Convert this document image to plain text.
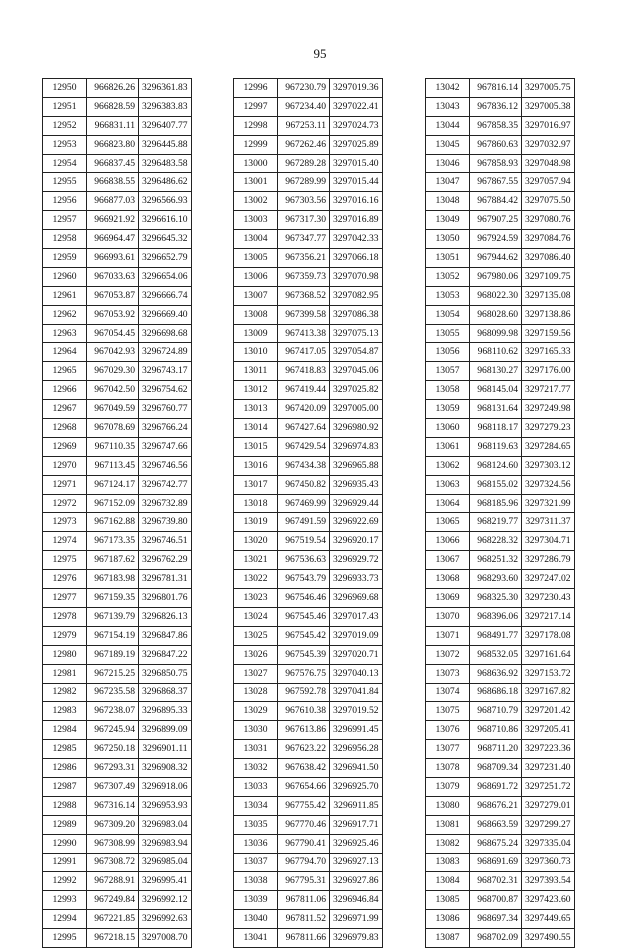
95
12950	966826.26	3296361.83
12951	966828.59	3296383.83
12952	966831.11	3296407.77
12953	966823.80	3296445.88
12954	966837.45	3296483.58
12955	966838.55	3296486.62
12956	966877.03	3296566.93
12957	966921.92	3296616.10
12958	966964.47	3296645.32
12959	966993.61	3296652.79
12960	967033.63	3296654.06
12961	967053.87	3296666.74
12962	967053.92	3296669.40
12963	967054.45	3296698.68
12964	967042.93	3296724.89
12965	967029.30	3296743.17
12966	967042.50	3296754.62
12967	967049.59	3296760.77
12968	967078.69	3296766.24
12969	967110.35	3296747.66
12970	967113.45	3296746.56
12971	967124.17	3296742.77
12972	967152.09	3296732.89
12973	967162.88	3296739.80
12974	967173.35	3296746.51
12975	967187.62	3296762.29
12976	967183.98	3296781.31
12977	967159.35	3296801.76
12978	967139.79	3296826.13
12979	967154.19	3296847.86
12980	967189.19	3296847.22
12981	967215.25	3296850.75
12982	967235.58	3296868.37
12983	967238.07	3296895.33
12984	967245.94	3296899.09
12985	967250.18	3296901.11
12986	967293.31	3296908.32
12987	967307.49	3296918.06
12988	967316.14	3296953.93
12989	967309.20	3296983.04
12990	967308.99	3296983.94
12991	967308.72	3296985.04
12992	967288.91	3296995.41
12993	967249.84	3296992.12
12994	967221.85	3296992.63
12995	967218.15	3297008.70
12996	967230.79	3297019.36
12997	967234.40	3297022.41
12998	967253.11	3297024.73
12999	967262.46	3297025.89
13000	967289.28	3297015.40
13001	967289.99	3297015.44
13002	967303.56	3297016.16
13003	967317.30	3297016.89
13004	967347.77	3297042.33
13005	967356.21	3297066.18
13006	967359.73	3297070.98
13007	967368.52	3297082.95
13008	967399.58	3297086.38
13009	967413.38	3297075.13
13010	967417.05	3297054.87
13011	967418.83	3297045.06
13012	967419.44	3297025.82
13013	967420.09	3297005.00
13014	967427.64	3296980.92
13015	967429.54	3296974.83
13016	967434.38	3296965.88
13017	967450.82	3296935.43
13018	967469.99	3296929.44
13019	967491.59	3296922.69
13020	967519.54	3296920.17
13021	967536.63	3296929.72
13022	967543.79	3296933.73
13023	967546.46	3296969.68
13024	967545.46	3297017.43
13025	967545.42	3297019.09
13026	967545.39	3297020.71
13027	967576.75	3297040.13
13028	967592.78	3297041.84
13029	967610.38	3297019.52
13030	967613.86	3296991.45
13031	967623.22	3296956.28
13032	967638.42	3296941.50
13033	967654.66	3296925.70
13034	967755.42	3296911.85
13035	967770.46	3296917.71
13036	967790.41	3296925.46
13037	967794.70	3296927.13
13038	967795.31	3296927.86
13039	967811.06	3296946.84
13040	967811.52	3296971.99
13041	967811.66	3296979.83
13042	967816.14	3297005.75
13043	967836.12	3297005.38
13044	967858.35	3297016.97
13045	967860.63	3297032.97
13046	967858.93	3297048.98
13047	967867.55	3297057.94
13048	967884.42	3297075.50
13049	967907.25	3297080.76
13050	967924.59	3297084.76
13051	967944.62	3297086.40
13052	967980.06	3297109.75
13053	968022.30	3297135.08
13054	968028.60	3297138.86
13055	968099.98	3297159.56
13056	968110.62	3297165.33
13057	968130.27	3297176.00
13058	968145.04	3297217.77
13059	968131.64	3297249.98
13060	968118.17	3297279.23
13061	968119.63	3297284.65
13062	968124.60	3297303.12
13063	968155.02	3297324.56
13064	968185.96	3297321.99
13065	968219.77	3297311.37
13066	968228.32	3297304.71
13067	968251.32	3297286.79
13068	968293.60	3297247.02
13069	968325.30	3297230.43
13070	968396.06	3297217.14
13071	968491.77	3297178.08
13072	968532.05	3297161.64
13073	968636.92	3297153.72
13074	968686.18	3297167.82
13075	968710.79	3297201.42
13076	968710.86	3297205.41
13077	968711.20	3297223.36
13078	968709.34	3297231.40
13079	968691.72	3297251.72
13080	968676.21	3297279.01
13081	968663.59	3297299.27
13082	968675.24	3297335.04
13083	968691.69	3297360.73
13084	968702.31	3297393.54
13085	968700.87	3297423.60
13086	968697.34	3297449.65
13087	968702.09	3297490.55
